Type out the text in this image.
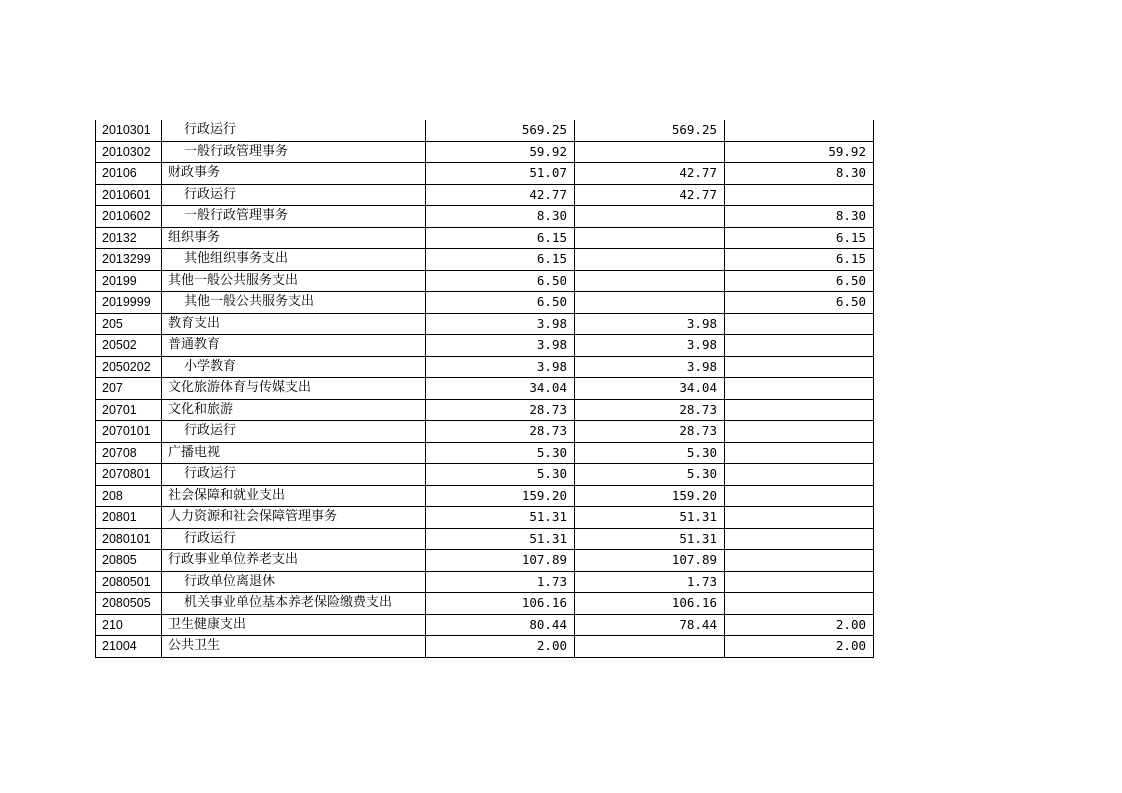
2010301	行政运行	569.25	569.25	
2010302	一般行政管理事务	59.92		59.92
20106	财政事务	51.07	42.77	8.30
2010601	行政运行	42.77	42.77	
2010602	一般行政管理事务	8.30		8.30
20132	组织事务	6.15		6.15
2013299	其他组织事务支出	6.15		6.15
20199	其他一般公共服务支出	6.50		6.50
2019999	其他一般公共服务支出	6.50		6.50
205	教育支出	3.98	3.98	
20502	普通教育	3.98	3.98	
2050202	小学教育	3.98	3.98	
207	文化旅游体育与传媒支出	34.04	34.04	
20701	文化和旅游	28.73	28.73	
2070101	行政运行	28.73	28.73	
20708	广播电视	5.30	5.30	
2070801	行政运行	5.30	5.30	
208	社会保障和就业支出	159.20	159.20	
20801	人力资源和社会保障管理事务	51.31	51.31	
2080101	行政运行	51.31	51.31	
20805	行政事业单位养老支出	107.89	107.89	
2080501	行政单位离退休	1.73	1.73	
2080505	机关事业单位基本养老保险缴费支出	106.16	106.16	
210	卫生健康支出	80.44	78.44	2.00
21004	公共卫生	2.00		2.00
